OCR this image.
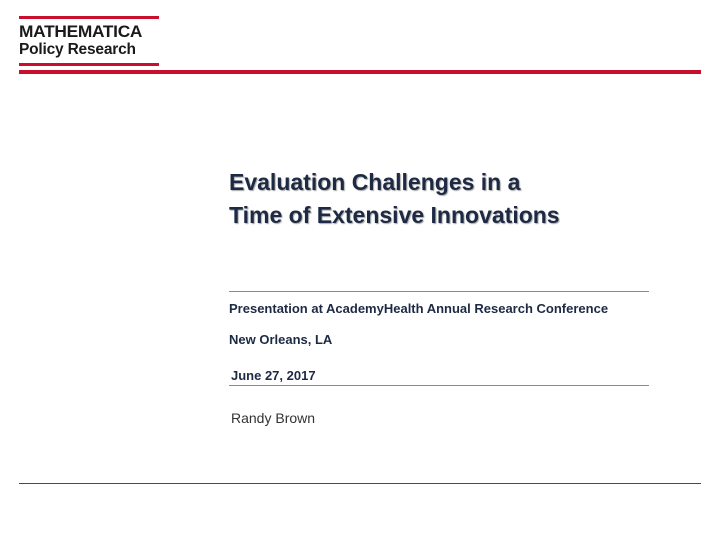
MATHEMATICA
Policy Research
Evaluation Challenges in a
Time of Extensive Innovations

Presentation at AcademyHealth Annual Research Conference

New Orleans, LA

June 27, 2017

Randy Brown
